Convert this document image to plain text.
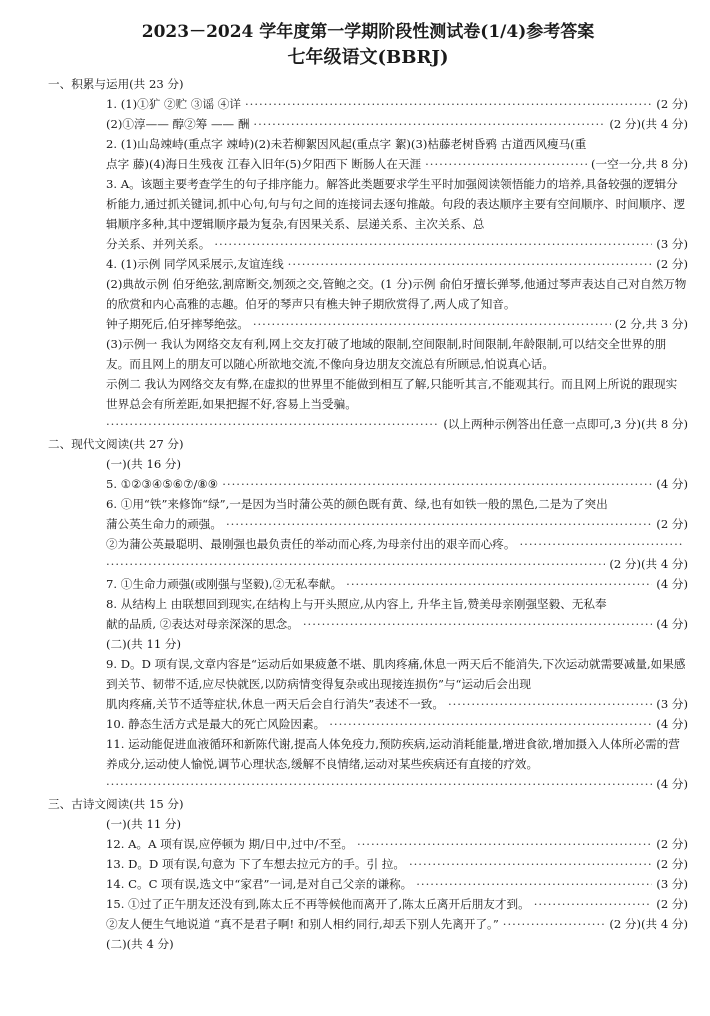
2023－2024 学年度第一学期阶段性测试卷(1/4)参考答案
七年级语文(BBRJ)
一、积累与运用(共 23 分)
1. (1)①犷 ②贮 ③谣 ④详 ·····	(2 分)
(2)①淳—— 醇②筹 —— 酬 ·····	(2 分)(共 4 分)
2. (1)山岛竦峙(重点字 竦峙)(2)未若柳絮因风起(重点字 絮)(3)枯藤老树昏鸦 古道西风瘦马(重
点字 藤)(4)海日生残夜 江春入旧年(5)夕阳西下 断肠人在天涯 ·····	(一空一分,共 8 分)
3. A。该题主要考查学生的句子排序能力。解答此类题要求学生平时加强阅读领悟能力的培养,具备较强的逻辑分析能力,通过抓关键词,抓中心句,句与句之间的连接词去逐句推敲。句段的表达顺序主要有空间顺序、时间顺序、逻辑顺序多种,其中逻辑顺序最为复杂,有因果关系、层递关系、主次关系、总
分关系、并列关系。 ·····	(3 分)
4. (1)示例 同学风采展示,友谊连线 ·····	(2 分)
(2)典故示例 伯牙绝弦,割席断交,刎颈之交,管鲍之交。(1 分)示例 俞伯牙擅长弹琴,他通过琴声表达自己对自然万物的欣赏和内心高雅的志趣。伯牙的琴声只有樵夫钟子期欣赏得了,两人成了知音。
钟子期死后,伯牙摔琴绝弦。 ·····	(2 分,共 3 分)
(3)示例一 我认为网络交友有利,网上交友打破了地域的限制,空间限制,时间限制,年龄限制,可以结交全世界的朋友。而且网上的朋友可以随心所欲地交流,不像向身边朋友交流总有所顾忌,怕说真心话。
示例二 我认为网络交友有弊,在虚拟的世界里不能做到相互了解,只能听其言,不能观其行。而且网上所说的跟现实世界总会有所差距,如果把握不好,容易上当受骗。
·····
(以上两种示例答出任意一点即可,3 分)(共 8 分)
二、现代文阅读(共 27 分)
(一)(共 16 分)
5. ①②③④⑤⑥⑦/⑧⑨ ·····	(4 分)
6. ①用“铁”来修饰“绿”,一是因为当时蒲公英的颜色既有黄、绿,也有如铁一般的黑色,二是为了突出
蒲公英生命力的顽强。 ·····	(2 分)
②为蒲公英最聪明、最刚强也最负责任的举动而心疼,为母亲付出的艰辛而心疼。
·····
·····
(2 分)(共 4 分)
7. ①生命力顽强(或刚强与坚毅),②无私奉献。 ·····	(4 分)
8. 从结构上 由联想回到现实,在结构上与开头照应,从内容上, 升华主旨,赞美母亲刚强坚毅、无私奉
献的品质, ②表达对母亲深深的思念。 ·····	(4 分)
(二)(共 11 分)
9. D。D 项有误,文章内容是“运动后如果疲惫不堪、肌肉疼痛,休息一两天后不能消失,下次运动就需要减量,如果感到关节、韧带不适,应尽快就医,以防病情变得复杂或出现接连损伤”与“运动后会出现
肌肉疼痛,关节不适等症状,休息一两天后会自行消失”表述不一致。 ·····	(3 分)
10. 静态生活方式是最大的死亡风险因素。 ·····	(4 分)
11. 运动能促进血液循环和新陈代谢,提高人体免疫力,预防疾病,运动消耗能量,增进食欲,增加摄入人体所必需的营养成分,运动使人愉悦,调节心理状态,缓解不良情绪,运动对某些疾病还有直接的疗效。
·····
(4 分)
三、古诗文阅读(共 15 分)
(一)(共 11 分)
12. A。A 项有误,应停顿为 期/日中,过中/不至。 ·····	(2 分)
13. D。D 项有误,句意为 下了车想去拉元方的手。引 拉。 ·····	(2 分)
14. C。C 项有误,选文中“家君”一词,是对自己父亲的谦称。 ·····	(3 分)
15. ①过了正午朋友还没有到,陈太丘不再等候他而离开了,陈太丘离开后朋友才到。 ·····	(2 分)
②友人便生气地说道 “真不是君子啊! 和别人相约同行,却丢下别人先离开了。” ·····	(2 分)(共 4 分)
(二)(共 4 分)
